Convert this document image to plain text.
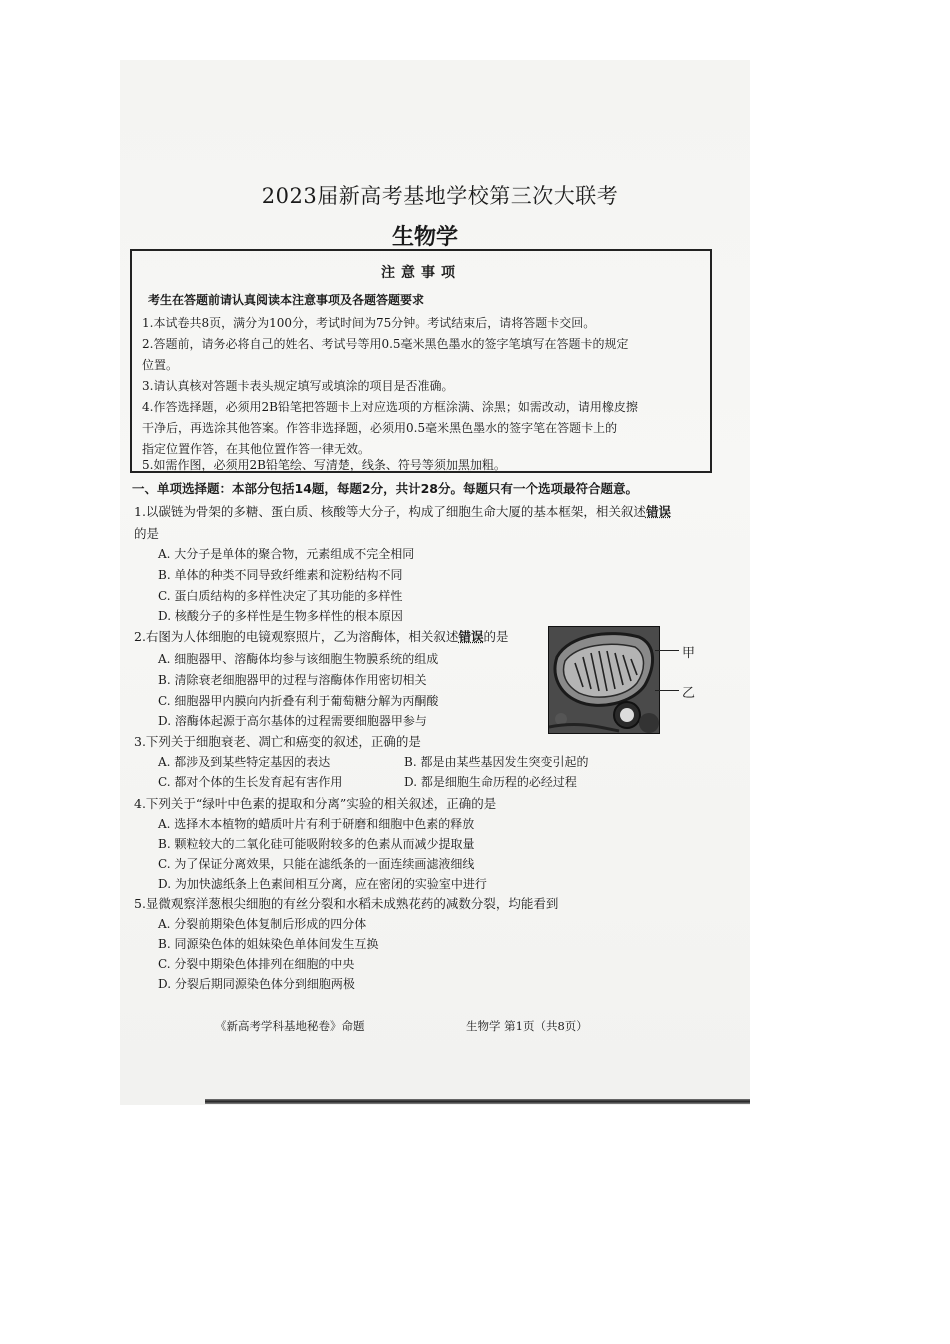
2023届新高考基地学校第三次大联考
生物学
注意事项
考生在答题前请认真阅读本注意事项及各题答题要求
1.本试卷共8页，满分为100分，考试时间为75分钟。考试结束后，请将答题卡交回。
2.答题前，请务必将自己的姓名、考试号等用0.5毫米黑色墨水的签字笔填写在答题卡的规定
位置。
3.请认真核对答题卡表头规定填写或填涂的项目是否准确。
4.作答选择题，必须用2B铅笔把答题卡上对应选项的方框涂满、涂黑；如需改动，请用橡皮擦
干净后，再选涂其他答案。作答非选择题，必须用0.5毫米黑色墨水的签字笔在答题卡上的
指定位置作答，在其他位置作答一律无效。
5.如需作图，必须用2B铅笔绘、写清楚，线条、符号等须加黑加粗。
一、单项选择题：本部分包括14题，每题2分，共计28分。每题只有一个选项最符合题意。
1.以碳链为骨架的多糖、蛋白质、核酸等大分子，构成了细胞生命大厦的基本框架，相关叙述错误
的是
A. 大分子是单体的聚合物，元素组成不完全相同
B. 单体的种类不同导致纤维素和淀粉结构不同
C. 蛋白质结构的多样性决定了其功能的多样性
D. 核酸分子的多样性是生物多样性的根本原因
2.右图为人体细胞的电镜观察照片，乙为溶酶体，相关叙述错误的是
A. 细胞器甲、溶酶体均参与该细胞生物膜系统的组成
B. 清除衰老细胞器甲的过程与溶酶体作用密切相关
C. 细胞器甲内膜向内折叠有利于葡萄糖分解为丙酮酸
D. 溶酶体起源于高尔基体的过程需要细胞器甲参与
甲
乙
3.下列关于细胞衰老、凋亡和癌变的叙述，正确的是
A. 都涉及到某些特定基因的表达	B. 都是由某些基因发生突变引起的
C. 都对个体的生长发育起有害作用	D. 都是细胞生命历程的必经过程
4.下列关于“绿叶中色素的提取和分离”实验的相关叙述，正确的是
A. 选择木本植物的蜡质叶片有利于研磨和细胞中色素的释放
B. 颗粒较大的二氧化硅可能吸附较多的色素从而减少提取量
C. 为了保证分离效果，只能在滤纸条的一面连续画滤液细线
D. 为加快滤纸条上色素间相互分离，应在密闭的实验室中进行
5.显微观察洋葱根尖细胞的有丝分裂和水稻未成熟花药的减数分裂，均能看到
A. 分裂前期染色体复制后形成的四分体
B. 同源染色体的姐妹染色单体间发生互换
C. 分裂中期染色体排列在细胞的中央
D. 分裂后期同源染色体分到细胞两极
《新高考学科基地秘卷》命题	生物学 第1页（共8页）
